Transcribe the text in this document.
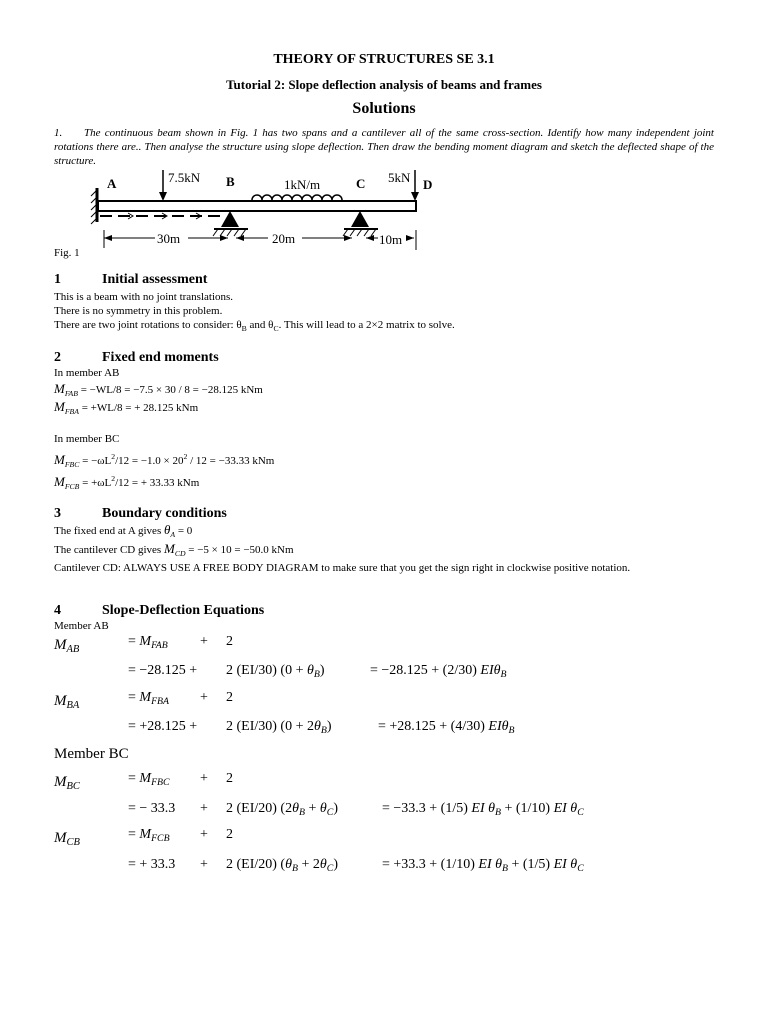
THEORY OF STRUCTURES SE 3.1
Tutorial 2: Slope deflection analysis of beams and frames
Solutions
1.	The continuous beam shown in Fig. 1 has two spans and a cantilever all of the same cross-section. Identify how many independent joint rotations there are.. Then analyse the structure using slope deflection. Then draw the bending moment diagram and sketch the deflected shape of the structure.
A	B	C	D
7.5kN	1kN/m	5kN
30m	20m	10m
Fig. 1
1	Initial assessment
This is a beam with no joint translations.
There is no symmetry in this problem.
There are two joint rotations to consider: $\theta_B$ and $\theta_C$. This will lead to a 2×2 matrix to solve.
2	Fixed end moments
In member AB
$M_{FAB} = -WL/8 = -7.5 \times 30 / 8 = -28.125$ kNm
$M_{FBA} = +WL/8$ = + 28.125 kNm
In member BC
$M_{FBC} = -\omega L^2/12 = -1.0 \times 20^2 / 12 = -33.33$ kNm
$M_{FCB} = +\omega L^2/12$ = + 33.33 kNm
3	Boundary conditions
The fixed end at A gives $\theta_A = 0$
The cantilever CD gives $M_{CD} = -5 \times 10 = -50.0$ kNm
Cantilever CD: ALWAYS USE A FREE BODY DIAGRAM to make sure that you get the sign right in clockwise positive notation.
4	Slope-Deflection Equations
Member AB
$M_{AB}$
= $M_{FAB} + 2$
= −28.125 + 2 (EI/30) $(0 + \theta_B)$	= −28.125 + (2/30) EIθ$_B$
$M_{BA}$
= $M_{FBA} + 2$
= +28.125 + 2 (EI/30) $(0 + 2\theta_B)$	= +28.125 + (4/30) EIθ$_B$
Member BC
$M_{BC}$
= $M_{FBC} + 2$
= − 33.3 + 2 (EI/20) $(2\theta_B + \theta_C)$	= −33.3 + (1/5) EI $\theta_B + (1/10)$ EI $\theta_C$
$M_{CB}$
= $M_{FCB} + 2$
= + 33.3 + 2 (EI/20) $(\theta_B + 2\theta_C)$	= +33.3 + (1/10) EI $\theta_B + (1/5)$ EI $\theta_C$
